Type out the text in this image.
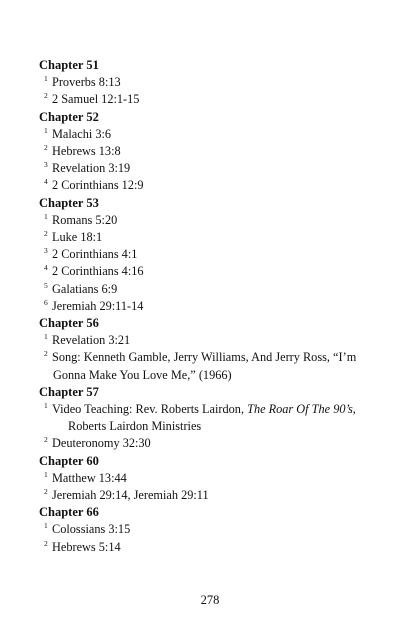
Chapter 51
1 Proverbs 8:13
2 2 Samuel 12:1-15
Chapter 52
1 Malachi 3:6
2 Hebrews 13:8
3 Revelation 3:19
4 2 Corinthians 12:9
Chapter 53
1 Romans 5:20
2 Luke 18:1
3 2 Corinthians 4:1
4 2 Corinthians 4:16
5 Galatians 6:9
6 Jeremiah 29:11-14
Chapter 56
1 Revelation 3:21
2 Song: Kenneth Gamble, Jerry Williams, And Jerry Ross, “I’m
Gonna Make You Love Me,” (1966)
Chapter 57
1 Video Teaching: Rev. Roberts Lairdon, The Roar Of The 90’s,
Roberts Lairdon Ministries
2 Deuteronomy 32:30
Chapter 60
1 Matthew 13:44
2 Jeremiah 29:14, Jeremiah 29:11
Chapter 66
1 Colossians 3:15
2 Hebrews 5:14
278
